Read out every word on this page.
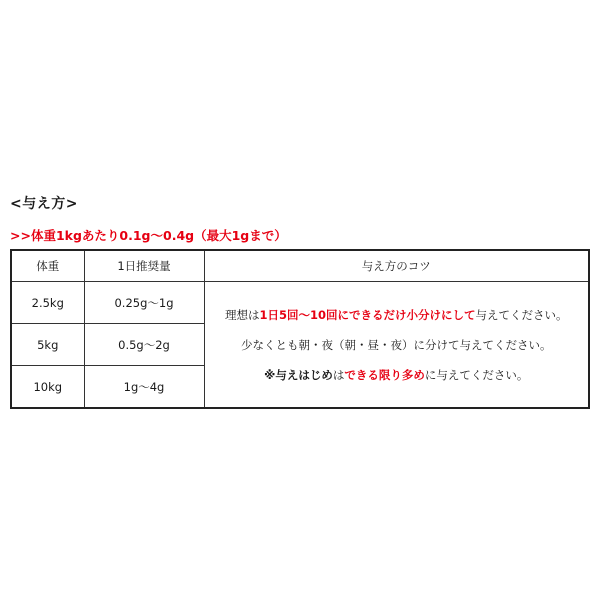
<与え方>
>>体重1kgあたり0.1g～0.4g（最大1gまで）
体重	1日推奨量	与え方のコツ
2.5kg	0.25g～1g	理想は1日5回～10回にできるだけ小分けにして与えてください。
少なくとも朝・夜（朝・昼・夜）に分けて与えてください。
※与えはじめはできる限り多めに与えてください。

5kg	0.5g～2g	
10kg	1g～4g	
